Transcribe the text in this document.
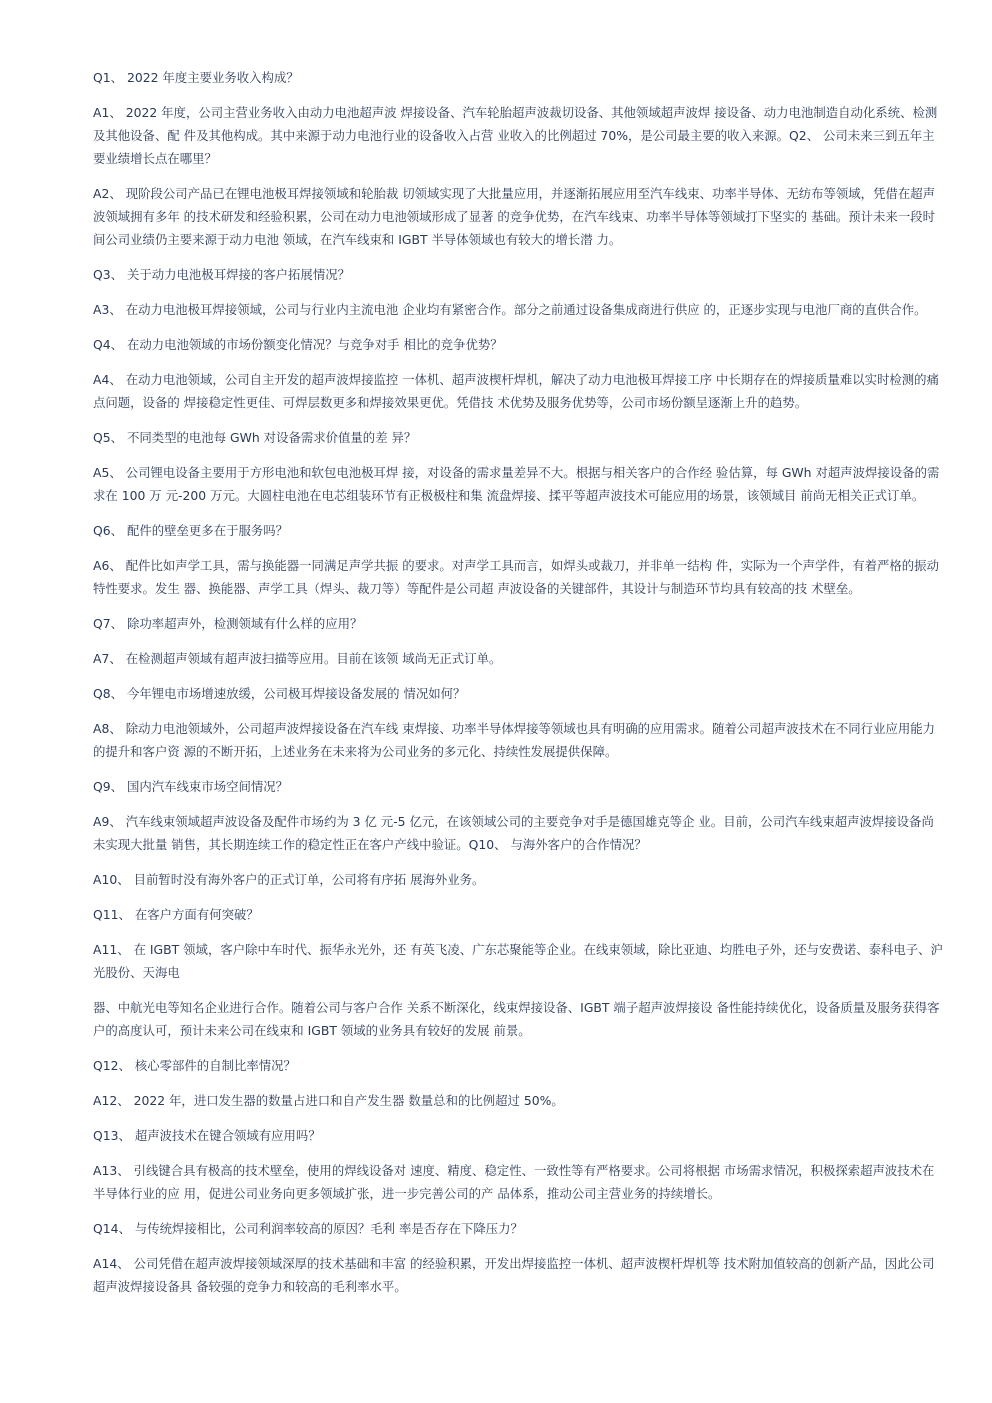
Q1、 2022 年度主要业务收入构成？

A1、 2022 年度，公司主营业务收入由动力电池超声波 焊接设备、汽车轮胎超声波裁切设备、其他领域超声波焊 接设备、动力电池制造自动化系统、检测及其他设备、配 件及其他构成。其中来源于动力电池行业的设备收入占营 业收入的比例超过 70%，是公司最主要的收入来源。Q2、 公司未来三到五年主要业绩增长点在哪里？

A2、 现阶段公司产品已在锂电池极耳焊接领域和轮胎裁 切领域实现了大批量应用，并逐渐拓展应用至汽车线束、功率半导体、无纺布等领域，凭借在超声波领域拥有多年 的技术研发和经验积累，公司在动力电池领域形成了显著 的竞争优势，在汽车线束、功率半导体等领域打下坚实的 基础。预计未来一段时间公司业绩仍主要来源于动力电池 领域，在汽车线束和 IGBT 半导体领域也有较大的增长潜 力。

Q3、 关于动力电池极耳焊接的客户拓展情况？

A3、 在动力电池极耳焊接领域，公司与行业内主流电池 企业均有紧密合作。部分之前通过设备集成商进行供应 的，正逐步实现与电池厂商的直供合作。

Q4、 在动力电池领域的市场份额变化情况？与竞争对手 相比的竞争优势？

A4、 在动力电池领域，公司自主开发的超声波焊接监控 一体机、超声波楔杆焊机，解决了动力电池极耳焊接工序 中长期存在的焊接质量难以实时检测的痛点问题，设备的 焊接稳定性更佳、可焊层数更多和焊接效果更优。凭借技 术优势及服务优势等，公司市场份额呈逐渐上升的趋势。

Q5、 不同类型的电池每 GWh 对设备需求价值量的差 异？

A5、 公司锂电设备主要用于方形电池和软包电池极耳焊 接，对设备的需求量差异不大。根据与相关客户的合作经 验估算，每 GWh 对超声波焊接设备的需求在 100 万 元-200 万元。大圆柱电池在电芯组装环节有正极极柱和集 流盘焊接、揉平等超声波技术可能应用的场景，该领域目 前尚无相关正式订单。

Q6、 配件的壁垒更多在于服务吗？

A6、 配件比如声学工具，需与换能器一同满足声学共振 的要求。对声学工具而言，如焊头或裁刀，并非单一结构 件，实际为一个声学件，有着严格的振动特性要求。发生 器、换能器、声学工具（焊头、裁刀等）等配件是公司超 声波设备的关键部件，其设计与制造环节均具有较高的技 术壁垒。

Q7、 除功率超声外，检测领域有什么样的应用？

A7、 在检测超声领域有超声波扫描等应用。目前在该领 域尚无正式订单。

Q8、 今年锂电市场增速放缓，公司极耳焊接设备发展的 情况如何？

A8、 除动力电池领域外，公司超声波焊接设备在汽车线 束焊接、功率半导体焊接等领域也具有明确的应用需求。随着公司超声波技术在不同行业应用能力的提升和客户资 源的不断开拓，上述业务在未来将为公司业务的多元化、持续性发展提供保障。

Q9、 国内汽车线束市场空间情况？

A9、 汽车线束领域超声波设备及配件市场约为 3 亿 元-5 亿元，在该领域公司的主要竞争对手是德国雄克等企 业。目前，公司汽车线束超声波焊接设备尚未实现大批量 销售，其长期连续工作的稳定性正在客户产线中验证。Q10、 与海外客户的合作情况？

A10、 目前暂时没有海外客户的正式订单，公司将有序拓 展海外业务。

Q11、 在客户方面有何突破？

A11、 在 IGBT 领域，客户除中车时代、振华永光外，还 有英飞凌、广东芯聚能等企业。在线束领域，除比亚迪、均胜电子外，还与安费诺、泰科电子、沪光股份、天海电

器、中航光电等知名企业进行合作。随着公司与客户合作 关系不断深化，线束焊接设备、IGBT 端子超声波焊接设 备性能持续优化，设备质量及服务获得客户的高度认可，预计未来公司在线束和 IGBT 领域的业务具有较好的发展 前景。

Q12、 核心零部件的自制比率情况？

A12、 2022 年，进口发生器的数量占进口和自产发生器 数量总和的比例超过 50%。

Q13、 超声波技术在键合领域有应用吗？

A13、 引线键合具有极高的技术壁垒，使用的焊线设备对 速度、精度、稳定性、一致性等有严格要求。公司将根据 市场需求情况，积极探索超声波技术在半导体行业的应 用，促进公司业务向更多领域扩张，进一步完善公司的产 品体系，推动公司主营业务的持续增长。

Q14、 与传统焊接相比，公司利润率较高的原因？毛利 率是否存在下降压力？

A14、 公司凭借在超声波焊接领域深厚的技术基础和丰富 的经验积累，开发出焊接监控一体机、超声波楔杆焊机等 技术附加值较高的创新产品，因此公司超声波焊接设备具 备较强的竞争力和较高的毛利率水平。
